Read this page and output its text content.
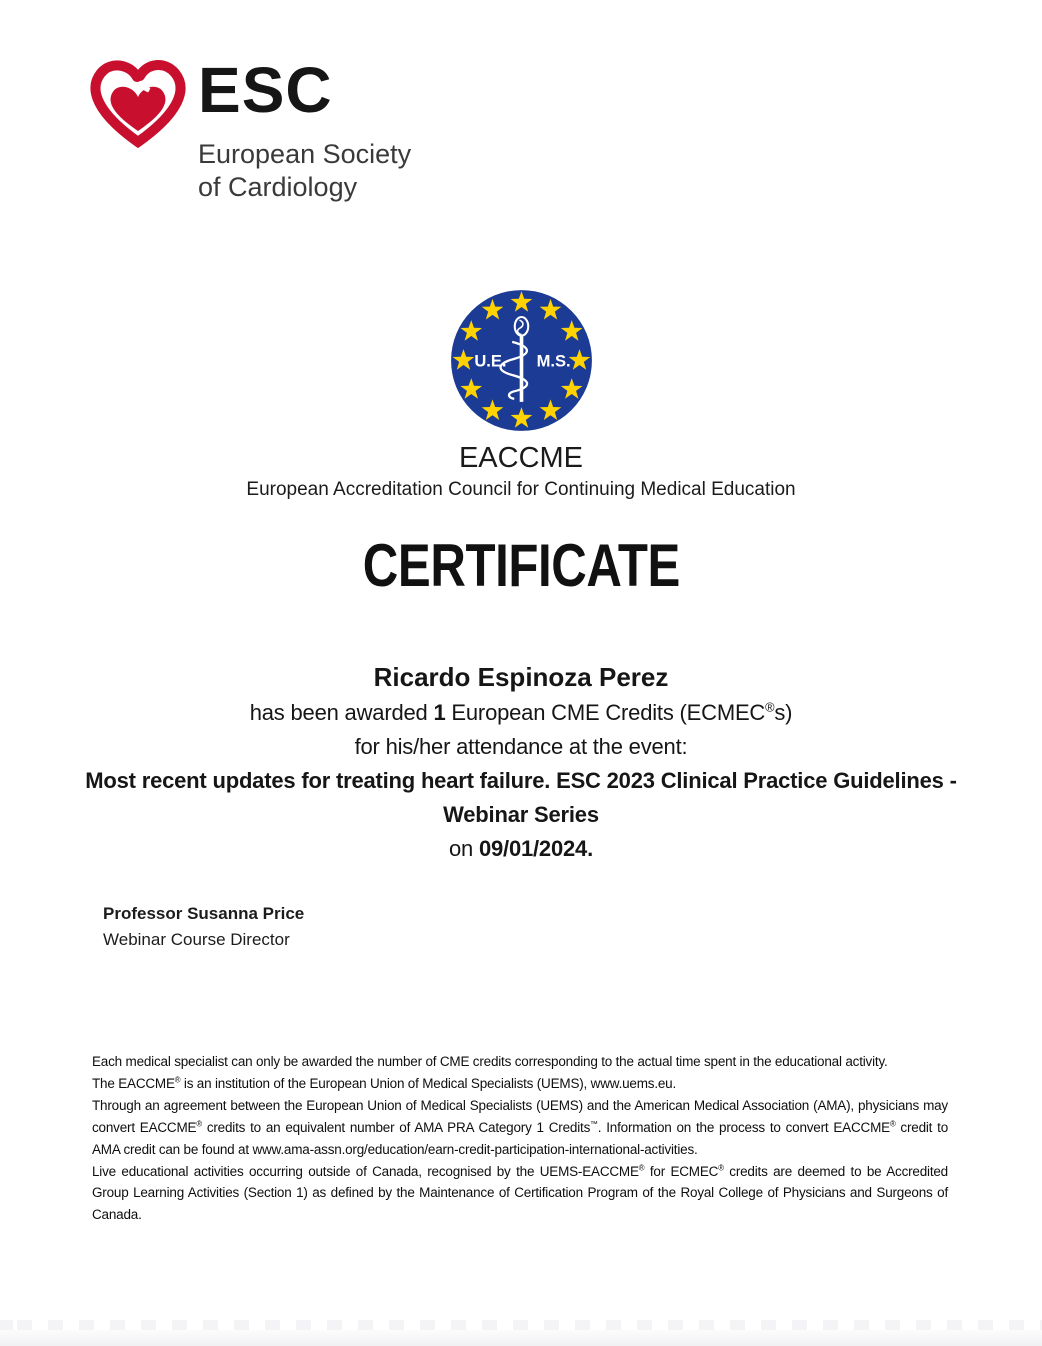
ESC
European Society
of Cardiology
U.E. M.S.
EACCME
European Accreditation Council for Continuing Medical Education
CERTIFICATE
Ricardo Espinoza Perez
has been awarded 1 European CME Credits (ECMEC®s)
for his/her attendance at the event:
Most recent updates for treating heart failure. ESC 2023 Clinical Practice Guidelines - Webinar Series
on 09/01/2024.
Professor Susanna Price
Webinar Course Director

Each medical specialist can only be awarded the number of CME credits corresponding to the actual time spent in the educational activity.

The EACCME® is an institution of the European Union of Medical Specialists (UEMS), www.uems.eu.

Through an agreement between the European Union of Medical Specialists (UEMS) and the American Medical Association (AMA), physicians may convert EACCME® credits to an equivalent number of AMA PRA Category 1 Credits™. Information on the process to convert EACCME® credit to AMA credit can be found at www.ama-assn.org/education/earn-credit-participation-international-activities.

Live educational activities occurring outside of Canada, recognised by the UEMS-EACCME® for ECMEC® credits are deemed to be Accredited Group Learning Activities (Section 1) as defined by the Maintenance of Certification Program of the Royal College of Physicians and Surgeons of Canada.
